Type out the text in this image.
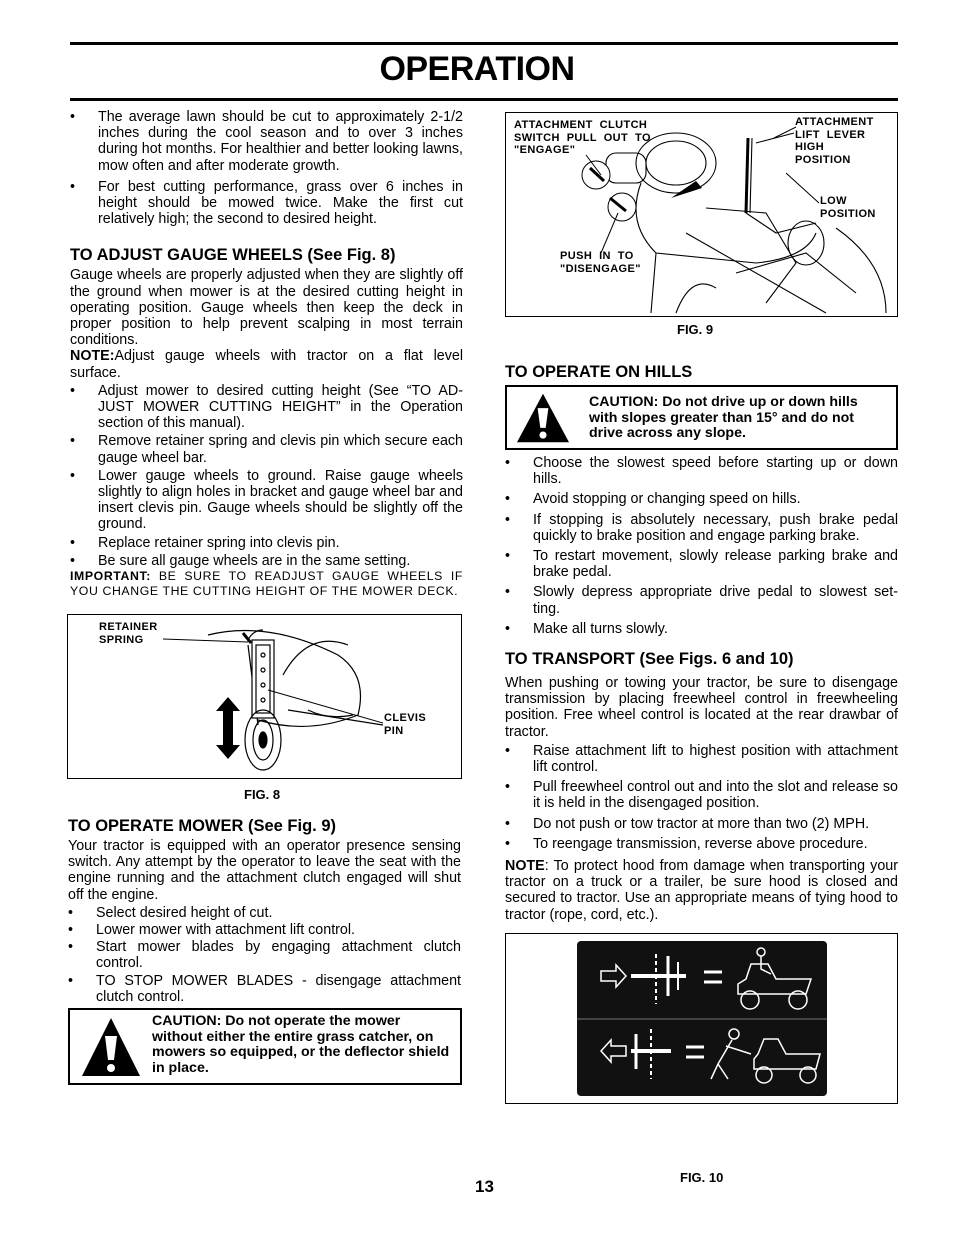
OPERATION
• The average lawn should be cut to approximately 2-1/2 inches during the cool season and to over 3 inches during hot months. For healthier and better looking lawns, mow often and after moderate growth.
• For best cutting performance, grass over 6 inches in height should be mowed twice. Make the first cut relatively high; the second to desired height.
TO ADJUST GAUGE WHEELS (See Fig. 8)

Gauge wheels are properly adjusted when they are slightly off the ground when mower is at the desired cutting height in operating position. Gauge wheels then keep the deck in proper position to help prevent scalping in most terrain conditions.

NOTE:Adjust gauge wheels with tractor on a flat level surface.

• Adjust mower to desired cutting height (See “TO AD-JUST MOWER CUTTING HEIGHT” in the Operation section of this manual).
• Remove retainer spring and clevis pin which secure each gauge wheel bar.
• Lower gauge wheels to ground. Raise gauge wheels slightly to align holes in bracket and gauge wheel bar and insert clevis pin. Gauge wheels should be slightly off the ground.
• Replace retainer spring into clevis pin.
• Be sure all gauge wheels are in the same setting.

IMPORTANT: BE SURE TO READJUST GAUGE WHEELS IF YOU CHANGE THE CUTTING HEIGHT OF THE MOWER DECK.

RETAINER
SPRING
CLEVIS
PIN
FIG. 8
TO OPERATE MOWER (See Fig. 9)

Your tractor is equipped with an operator presence sensing switch. Any attempt by the operator to leave the seat with the engine running and the attachment clutch engaged will shut off the engine.

• Select desired height of cut.
• Lower mower with attachment lift control.
• Start mower blades by engaging attachment clutch control.
• TO STOP MOWER BLADES - disengage attachment clutch control.
CAUTION: Do not operate the mower without either the entire grass catcher, on mowers so equipped, or the deflector shield in place.
ATTACHMENT  CLUTCH
SWITCH  PULL  OUT  TO
"ENGAGE"
ATTACHMENT
LIFT  LEVER
HIGH
POSITION
LOW
POSITION
PUSH  IN  TO
"DISENGAGE"
FIG. 9
TO OPERATE ON HILLS
CAUTION: Do not drive up or down hills with slopes greater than 15° and do not drive across any slope.
• Choose the slowest speed before starting up or down hills.
• Avoid stopping or changing speed on hills.
• If stopping is absolutely necessary, push brake pedal quickly to brake position and engage parking brake.
• To restart movement, slowly release parking brake and brake pedal.
• Slowly depress appropriate drive pedal to slowest set-ting.
• Make all turns slowly.
TO TRANSPORT (See Figs. 6 and 10)

When pushing or towing your tractor, be sure to disengage transmission by placing freewheel control in freewheeling position. Free wheel control is located at the rear drawbar of tractor.

• Raise attachment lift to highest position with attachment lift control.
• Pull freewheel control out and into the slot and release so it is held in the disengaged position.
• Do not push or tow tractor at more than two (2) MPH.
• To reengage transmission, reverse above procedure.

NOTE: To protect hood from damage when transporting your tractor on a truck or a trailer, be sure hood is closed and secured to tractor. Use an appropriate means of tying hood to tractor (rope, cord, etc.).

FIG. 10
13
